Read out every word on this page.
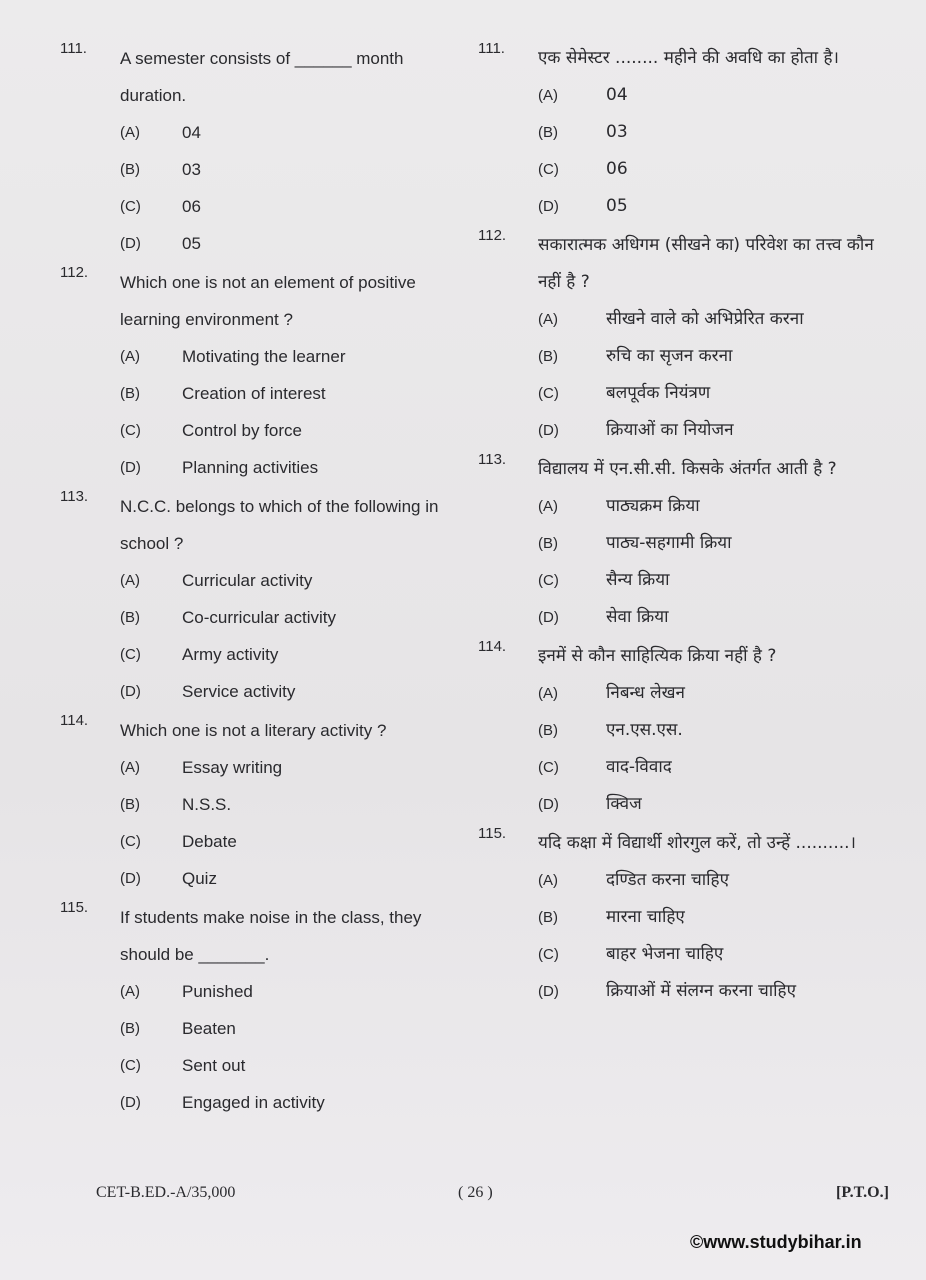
111.
A semester consists of ______ month duration.
(A) 04
(B) 03
(C) 06
(D) 05
112.
Which one is not an element of positive learning environment ?
(A) Motivating the learner
(B) Creation of interest
(C) Control by force
(D) Planning activities
113.
N.C.C. belongs to which of the following in school ?
(A) Curricular activity
(B) Co-curricular activity
(C) Army activity
(D) Service activity
114.
Which one is not a literary activity ?
(A) Essay writing
(B) N.S.S.
(C) Debate
(D) Quiz
115.
If students make noise in the class, they should be _______.
(A) Punished
(B) Beaten
(C) Sent out
(D) Engaged in activity
111. एक सेमेस्टर ........ महीने की अवधि का होता है।
(A)	04
(B)	03
(C)	06
(D)	05
112. सकारात्मक अधिगम (सीखने का) परिवेश का तत्त्व कौन नहीं है ?
(A)	सीखने वाले को अभिप्रेरित करना
(B)	रुचि का सृजन करना
(C)	बलपूर्वक नियंत्रण
(D)	क्रियाओं का नियोजन
113. विद्यालय में एन.सी.सी. किसके अंतर्गत आती है ?
(A)	पाठ्यक्रम क्रिया
(B)	पाठ्य-सहगामी क्रिया
(C)	सैन्य क्रिया
(D)	सेवा क्रिया
114. इनमें से कौन साहित्यिक क्रिया नहीं है ?
(A)	निबन्ध लेखन
(B)	एन.एस.एस.
(C)	वाद-विवाद
(D)	क्विज
115. यदि कक्षा में विद्यार्थी शोरगुल करें, तो उन्हें ..........।
(A)	दण्डित करना चाहिए
(B)	मारना चाहिए
(C)	बाहर भेजना चाहिए
(D)	क्रियाओं में संलग्न करना चाहिए
CET-B.ED.-A/35,000	( 26 )	[P.T.O.]
©www.studybihar.in
